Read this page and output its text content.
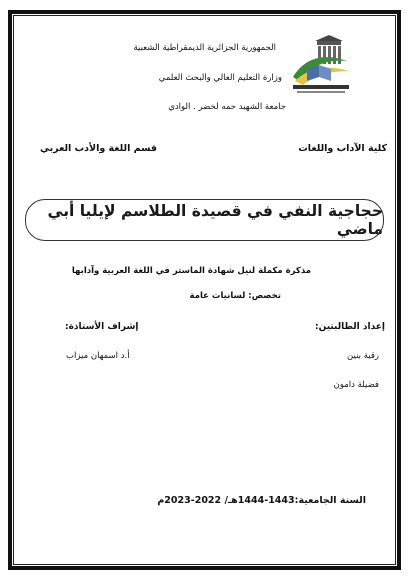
الجمهورية الجزائرية الديمقراطية الشعبية
وزارة التعليم العالي والبحث العلمي
جامعة الشهيد حمه لخضر . الوادي
كلية الآداب واللغات
قسم اللغة والأدب العربي
حجاجية النفي في قصيدة الطلاسم لإيليا أبي ماضي
مذكرة مكملة لنيل شهادة الماستر في اللغة العربية وآدابها
تخصص: لسانيات عامة
إعداد الطالبتين:
إشراف الأستاذة:
رقية بنين
فضيلة دامون
أ.د اسمهان ميزاب
السنة الجامعية:1443-1444هـ/ 2022-2023م
